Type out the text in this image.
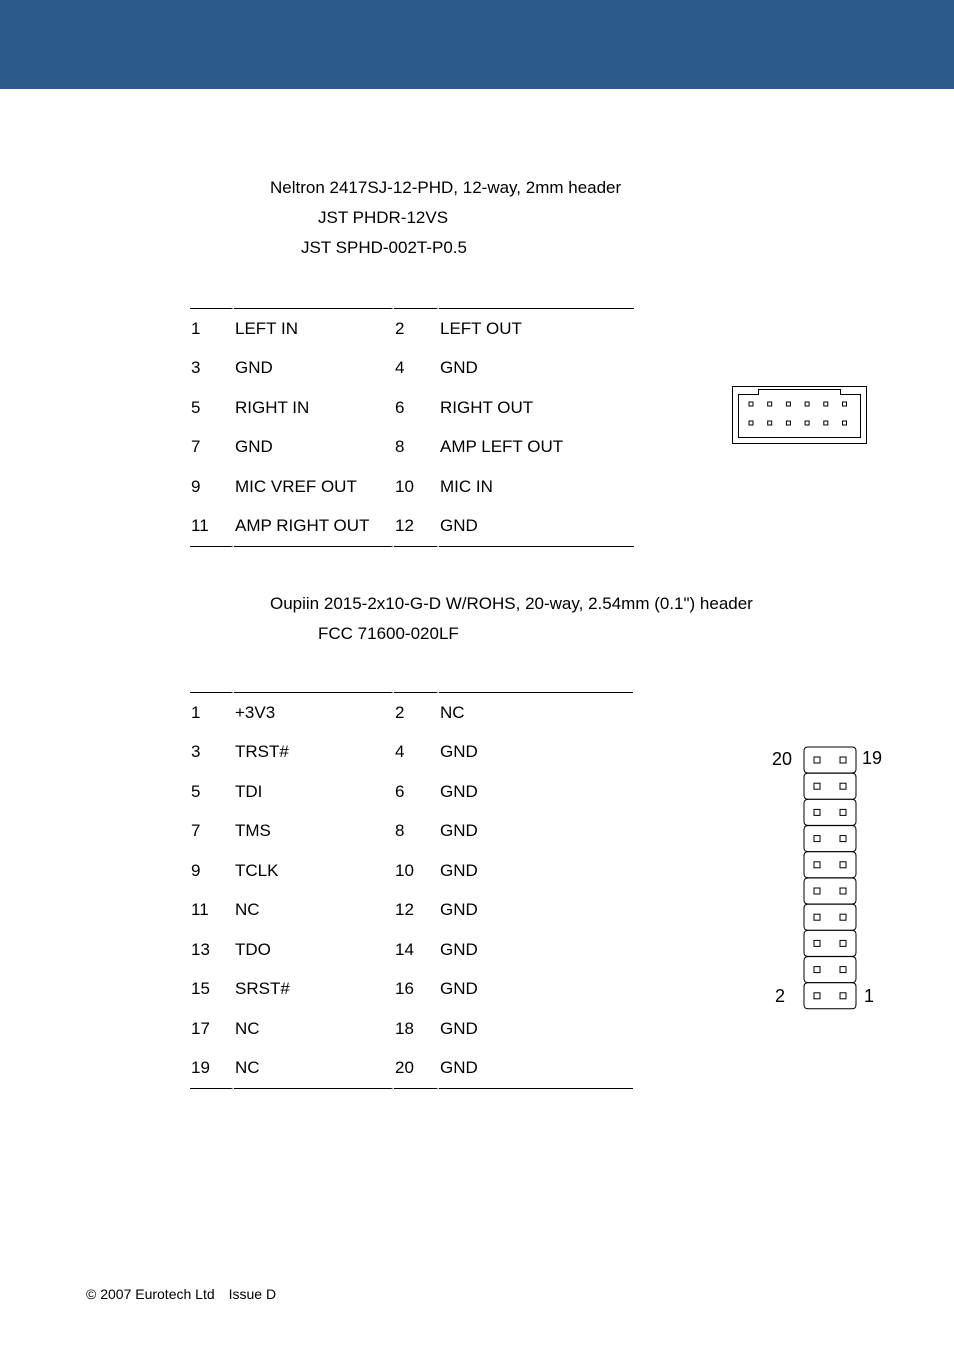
Neltron 2417SJ-12-PHD, 12-way, 2mm header
JST PHDR-12VS
JST SPHD-002T-P0.5

1	LEFT IN	2	LEFT OUT
3	GND	4	GND
5	RIGHT IN	6	RIGHT OUT
7	GND	8	AMP LEFT OUT
9	MIC VREF OUT	10	MIC IN
11	AMP RIGHT OUT	12	GND

Oupiin 2015-2x10-G-D W/ROHS, 20-way, 2.54mm (0.1") header
FCC 71600-020LF

1	+3V3	2	NC
3	TRST#	4	GND
5	TDI	6	GND
7	TMS	8	GND
9	TCLK	10	GND
11	NC	12	GND
13	TDO	14	GND
15	SRST#	16	GND
17	NC	18	GND
19	NC	20	GND

20	19
2	1
© 2007 Eurotech Ltd Issue D
